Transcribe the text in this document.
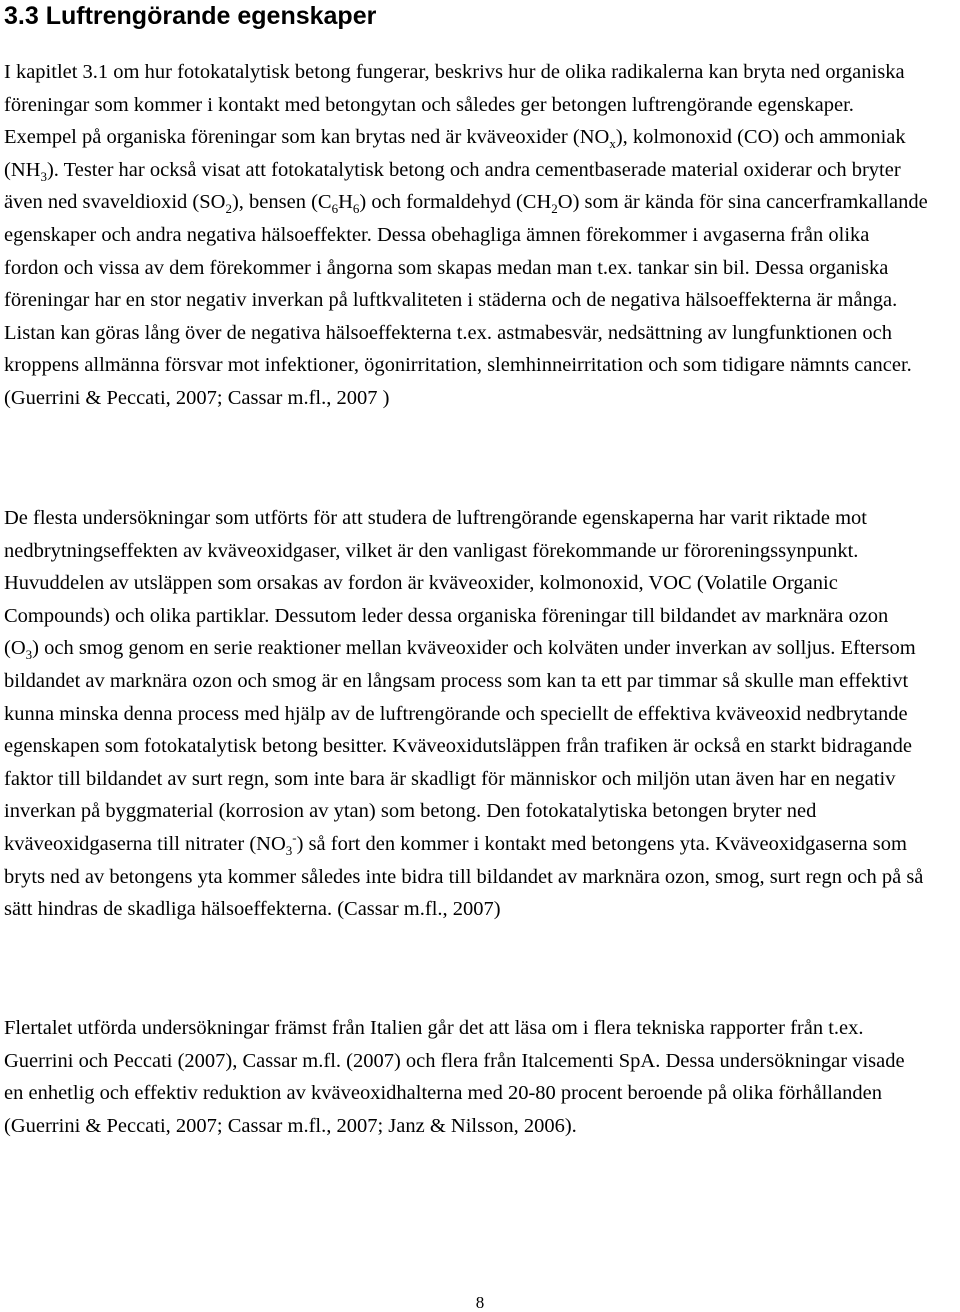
3.3 Luftrengörande egenskaper

I kapitlet 3.1 om hur fotokatalytisk betong fungerar, beskrivs hur de olika radikalerna kan bryta ned organiska föreningar som kommer i kontakt med betongytan och således ger betongen luftrengörande egenskaper. Exempel på organiska föreningar som kan brytas ned är kväveoxider $(NO_x)$, kolmonoxid (CO) och ammoniak $(NH_3)$. Tester har också visat att fotokatalytisk betong och andra cementbaserade material oxiderar och bryter även ned svaveldioxid $(SO_2)$, bensen $(C_6H_6)$ och formaldehyd $(CH_2O)$ som är kända för sina cancerframkallande egenskaper och andra negativa hälsoeffekter. Dessa obehagliga ämnen förekommer i avgaserna från olika fordon och vissa av dem förekommer i ångorna som skapas medan man t.ex. tankar sin bil. Dessa organiska föreningar har en stor negativ inverkan på luftkvaliteten i städerna och de negativa hälsoeffekterna är många. Listan kan göras lång över de negativa hälsoeffekterna t.ex. astmabesvär, nedsättning av lungfunktionen och kroppens allmänna försvar mot infektioner, ögonirritation, slemhinneirritation och som tidigare nämnts cancer. (Guerrini & Peccati, 2007; Cassar m.fl., 2007 )

De flesta undersökningar som utförts för att studera de luftrengörande egenskaperna har varit riktade mot nedbrytningseffekten av kväveoxidgaser, vilket är den vanligast förekommande ur föroreningssynpunkt. Huvuddelen av utsläppen som orsakas av fordon är kväveoxider, kolmonoxid, VOC (Volatile Organic Compounds) och olika partiklar. Dessutom leder dessa organiska föreningar till bildandet av marknära ozon $(O_3)$ och smog genom en serie reaktioner mellan kväveoxider och kolväten under inverkan av solljus. Eftersom bildandet av marknära ozon och smog är en långsam process som kan ta ett par timmar så skulle man effektivt kunna minska denna process med hjälp av de luftrengörande och speciellt de effektiva kväveoxid nedbrytande egenskapen som fotokatalytisk betong besitter. Kväveoxidutsläppen från trafiken är också en starkt bidragande faktor till bildandet av surt regn, som inte bara är skadligt för människor och miljön utan även har en negativ inverkan på byggmaterial (korrosion av ytan) som betong. Den fotokatalytiska betongen bryter ned kväveoxidgaserna till nitrater $(NO_3^-)$ så fort den kommer i kontakt med betongens yta. Kväveoxidgaserna som bryts ned av betongens yta kommer således inte bidra till bildandet av marknära ozon, smog, surt regn och på så sätt hindras de skadliga hälsoeffekterna. (Cassar m.fl., 2007)

Flertalet utförda undersökningar främst från Italien går det att läsa om i flera tekniska rapporter från t.ex. Guerrini och Peccati (2007), Cassar m.fl. (2007) och flera från Italcementi SpA. Dessa undersökningar visade en enhetlig och effektiv reduktion av kväveoxidhalterna med 20-80 procent beroende på olika förhållanden (Guerrini & Peccati, 2007; Cassar m.fl., 2007; Janz & Nilsson, 2006).

8
